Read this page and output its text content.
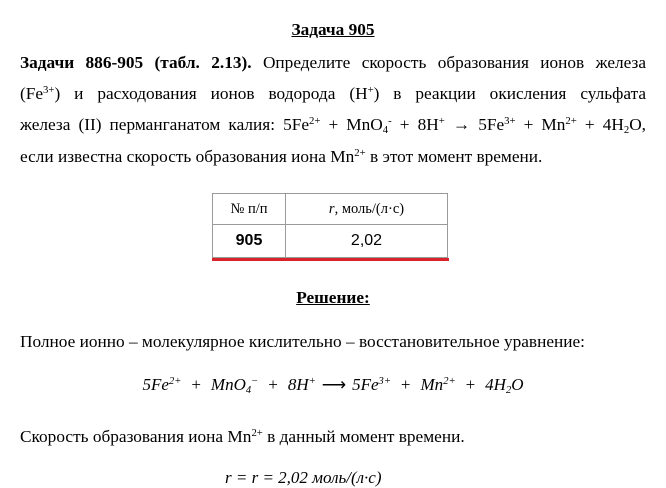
Задача 905
Задачи 886-905 (табл. 2.13). Определите скорость образования ионов железа
$(Fe^{3+})$ и расходования ионов водорода (H+) в реакции окисления сульфата
железа (II) перманганатом калия: $5Fe^{2+} + MnO_4^- + 8H^+ \to 5Fe^{3+} + Mn^{2+} + 4H_2O$,
если известна скорость образования иона $Mn^{2+}$ в этот момент времени.
№ п/п	r, моль/(л·с)
905	2,02
Решение:
Полное ионно – молекулярное кислительно – восстановительное уравнение:
$5Fe^{2+} + MnO_4^- + 8H^+$ ⟶ $5Fe^{3+} + Mn^{2+} + 4H_2O$
Скорость образования иона $Mn^{2+}$ в данный момент времени.
r = r = 2,02 моль/(л·с)
